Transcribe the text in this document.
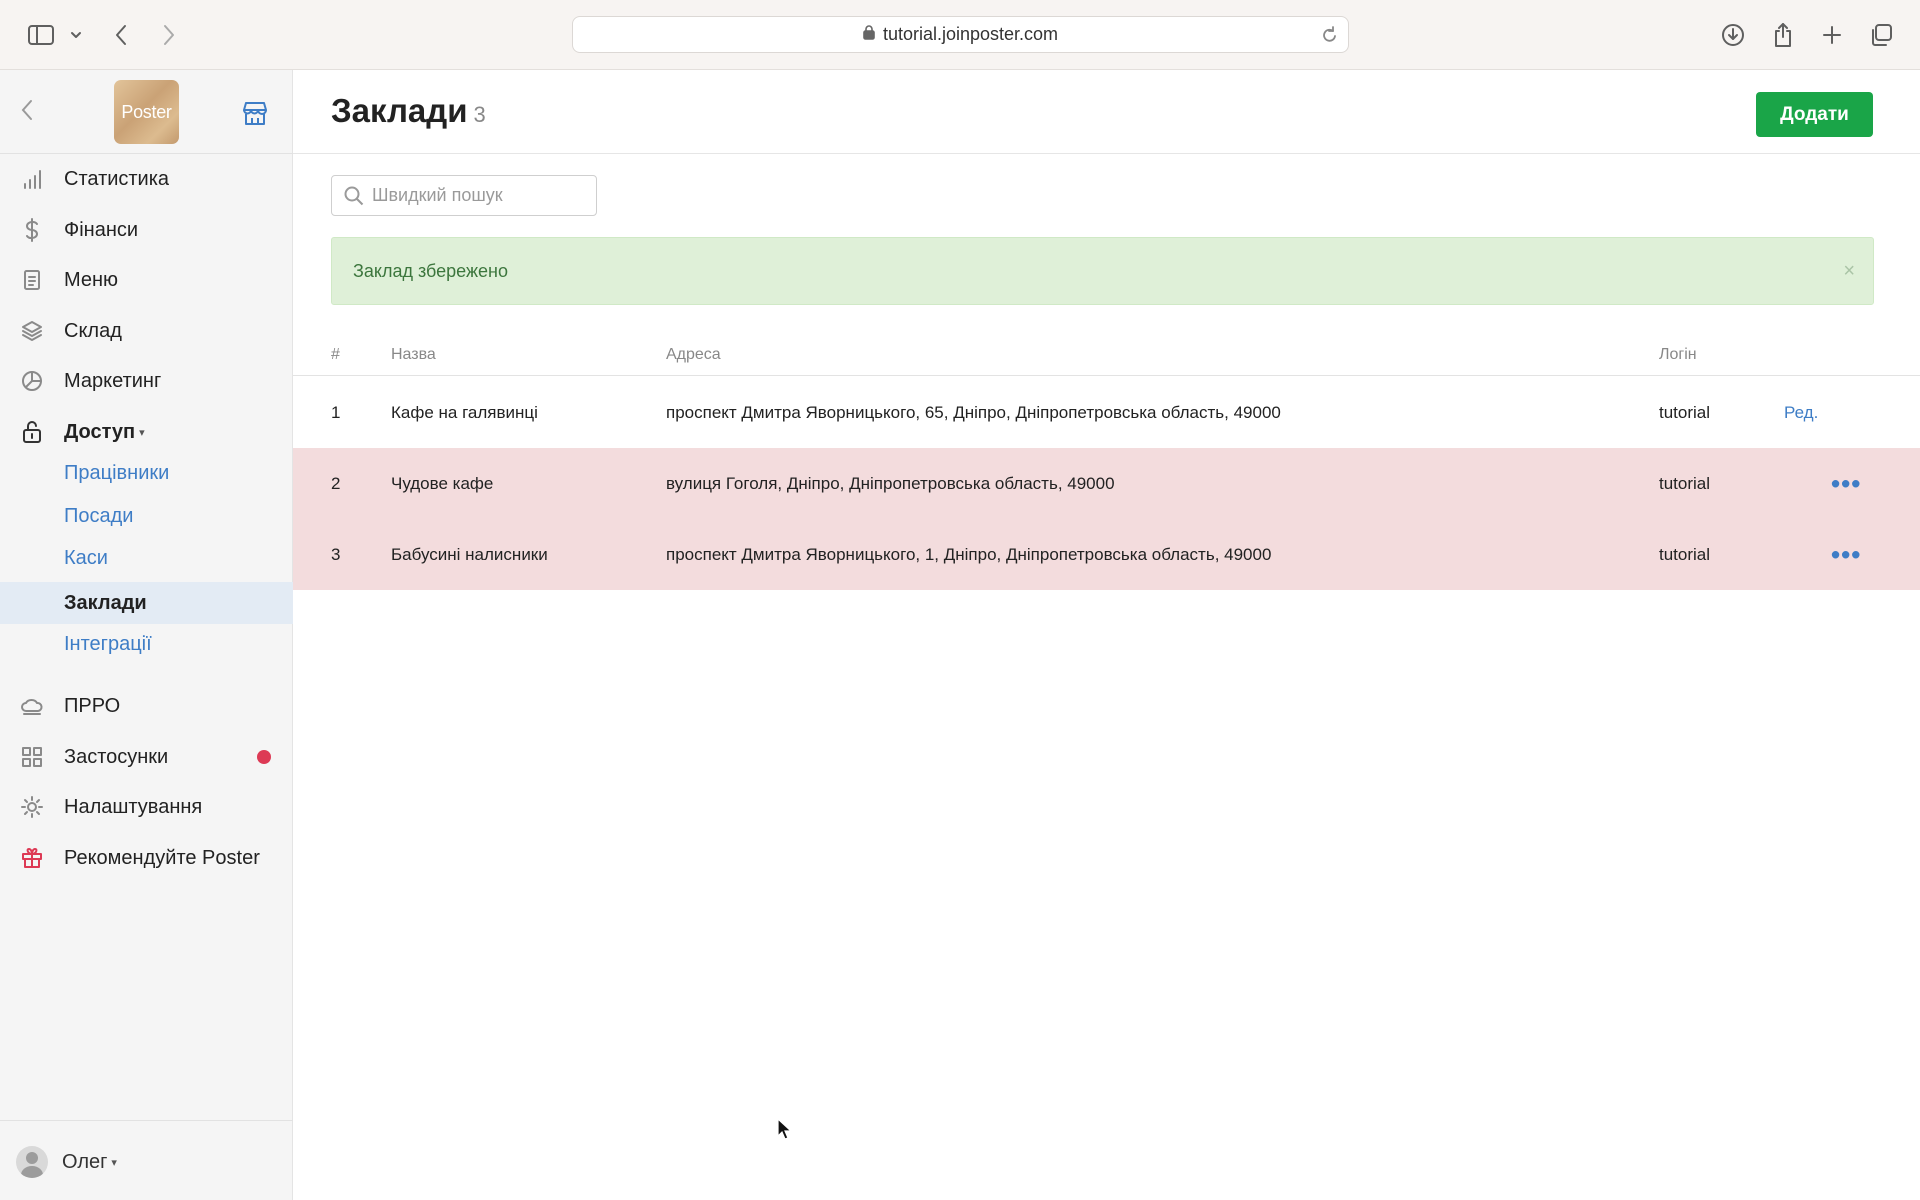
tutorial.joinposter.com
Poster
Статистика
Фінанси
Меню
Склад
Маркетинг
Доступ ▾
Працівники
Посади
Каси
Заклади
Інтеграції
ПРРО
Застосунки
Налаштування
Рекомендуйте Poster
Олег ▾
Заклади 3	Додати
Швидкий пошук
Заклад збережено	×
#	Назва	Адреса	Логін
1	Кафе на галявинці	проспект Дмитра Яворницького, 65, Дніпро, Дніпропетровська область, 49000	tutorial	Ред.
2	Чудове кафе	вулиця Гоголя, Дніпро, Дніпропетровська область, 49000	tutorial	•••
3	Бабусині налисники	проспект Дмитра Яворницького, 1, Дніпро, Дніпропетровська область, 49000	tutorial	•••
